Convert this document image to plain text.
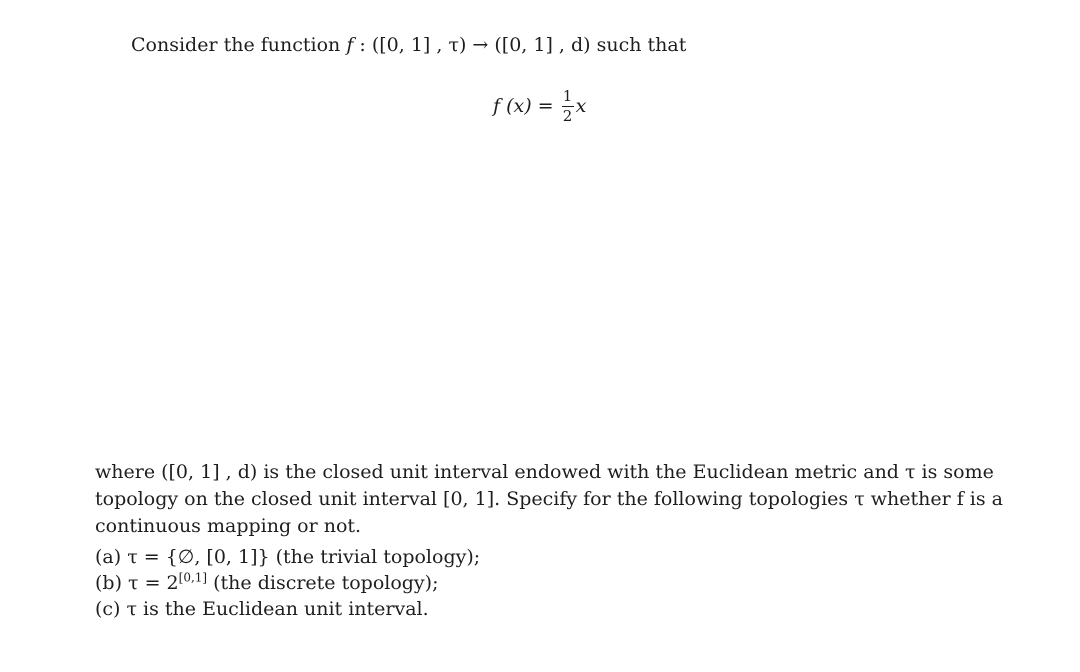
Consider the function f : ([0, 1] , τ) → ([0, 1] , d) such that
f $(x) = \frac{1}{2}$ x

where ([0, 1] , d) is the closed unit interval endowed with the Euclidean metric and τ is some topology on the closed unit interval [0, 1]. Specify for the following topologies τ whether f is a continuous mapping or not.

(a) τ = {∅, [0, 1]} (the trivial topology);
(b) τ = 2[0,1] (the discrete topology);
(c) τ is the Euclidean unit interval.
